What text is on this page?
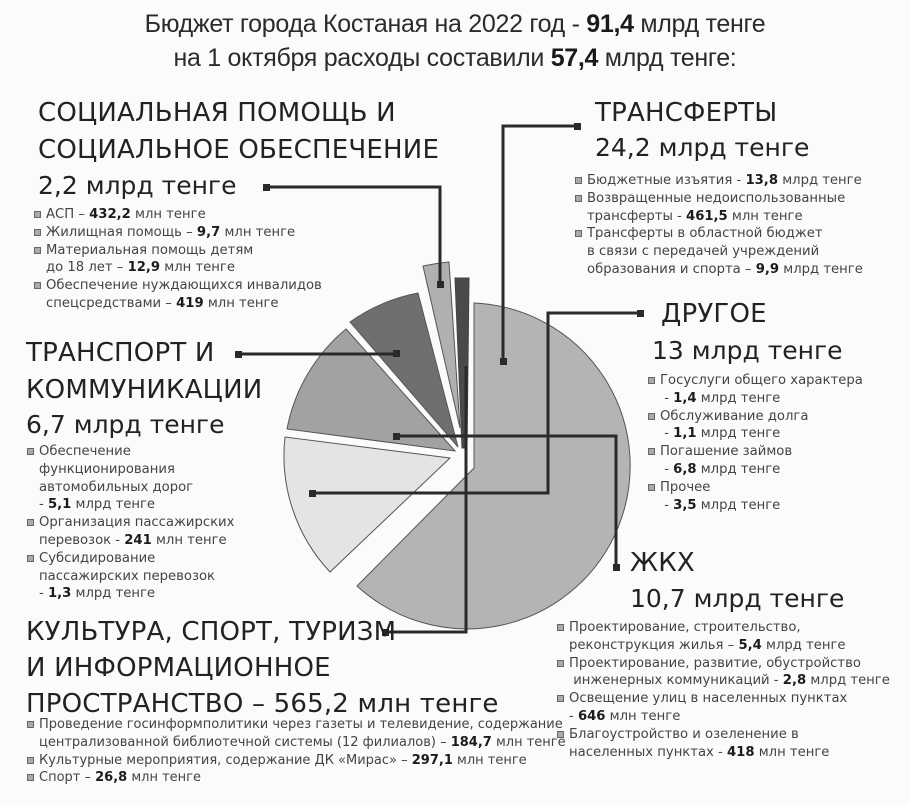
Бюджет города Костаная на 2022 год - 91,4 млрд тенге
на 1 октября расходы составили 57,4 млрд тенге:
СОЦИАЛЬНАЯ ПОМОЩЬ И
СОЦИАЛЬНОЕ ОБЕСПЕЧЕНИЕ
2,2 млрд тенге
АСП – 432,2 млн тенге
Жилищная помощь – 9,7 млн тенге
Материальная помощь детям
до 18 лет – 12,9 млн тенге
Обеспечение нуждающихся инвалидов
спецсредствами – 419 млн тенге
ТРАНСФЕРТЫ
24,2 млрд тенге
Бюджетные изъятия - 13,8 млрд тенге
Возвращенные недоиспользованные
трансферты - 461,5 млн тенге
Трансферты в областной бюджет
в связи с передачей учреждений
образования и спорта – 9,9 млрд тенге
ДРУГОЕ
13 млрд тенге
Госуслуги общего характера
- 1,4 млрд тенге
Обслуживание долга
- 1,1 млрд тенге
Погашение займов
- 6,8 млрд тенге
Прочее
- 3,5 млрд тенге
ТРАНСПОРТ И
КОММУНИКАЦИИ
6,7 млрд тенге
Обеспечение
функционирования
автомобильных дорог
- 5,1 млрд тенге
Организация пассажирских
перевозок - 241 млн тенге
Субсидирование
пассажирских перевозок
- 1,3 млрд тенге
ЖКХ
10,7 млрд тенге
Проектирование, строительство,
реконструкция жилья – 5,4 млрд тенге
Проектирование, развитие, обустройство
инженерных коммуникаций - 2,8 млрд тенге
Освещение улиц в населенных пунктах
- 646 млн тенге
Благоустройство и озеленение в
населенных пунктах - 418 млн тенге
КУЛЬТУРА, СПОРТ, ТУРИЗМ
И ИНФОРМАЦИОННОЕ
ПРОСТРАНСТВО – 565,2 млн тенге
Проведение госинформполитики через газеты и телевидение, содержание
централизованной библиотечной системы (12 филиалов) – 184,7 млн тенге
Культурные мероприятия, содержание ДК «Мирас» – 297,1 млн тенге
Спорт – 26,8 млн тенге
